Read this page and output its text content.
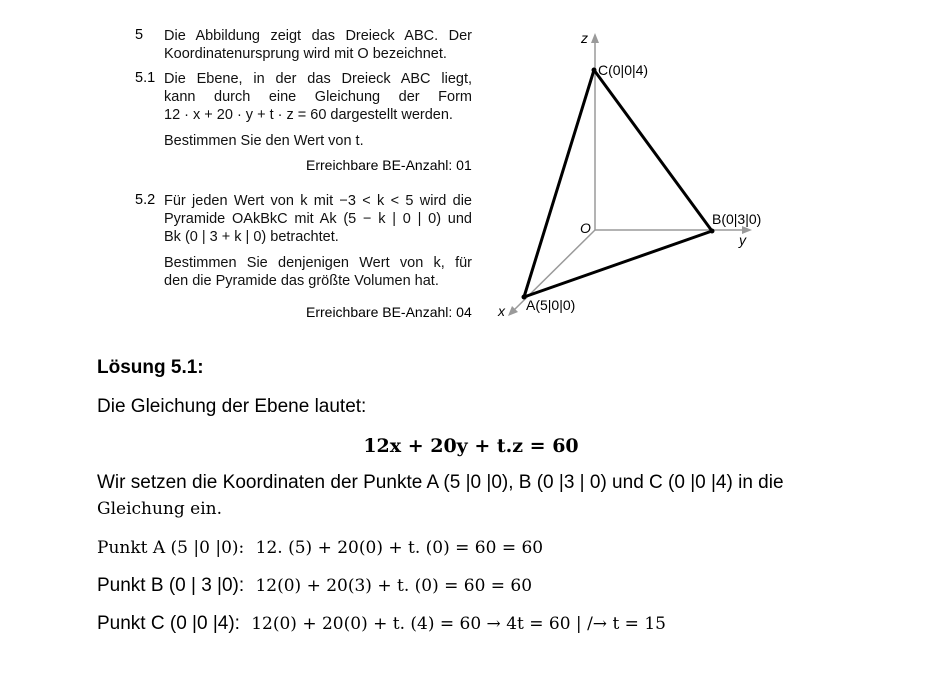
5 Die Abbildung zeigt das Dreieck ABC. Der
Koordinatenursprung wird mit O bezeichnet.
5.1 Die Ebene, in der das Dreieck ABC liegt,
kann durch eine Gleichung der Form
12 · x + 20 · y + t · z = 60 dargestellt werden.
Bestimmen Sie den Wert von t.
Erreichbare BE-Anzahl: 01
5.2 Für jeden Wert von k mit −3 < k < 5 wird die
Pyramide OAkBkC mit Ak (5 − k | 0 | 0) und
Bk (0 | 3 + k | 0) betrachtet.
Bestimmen Sie denjenigen Wert von k, für
den die Pyramide das größte Volumen hat.
Erreichbare BE-Anzahl: 04
C(0|0|4)
B(0|3|0)
A(5|0|0)
O
x
y
z
Lösung 5.1:
Die Gleichung der Ebene lautet:
12x + 20y + t.z = 60
Wir setzen die Koordinaten der Punkte A (5 |0 |0), B (0 |3 | 0) und C (0 |0 |4) in die
Gleichung ein.
Punkt A (5 |0 |0): 12. (5) + 20(0) + t. (0) = 60 = 60
Punkt B (0 | 3 |0): 12(0) + 20(3) + t. (0) = 60 = 60
Punkt C (0 |0 |4): 12(0) + 20(0) + t. (4) = 60 → 4t = 60 | /→ t = 15
